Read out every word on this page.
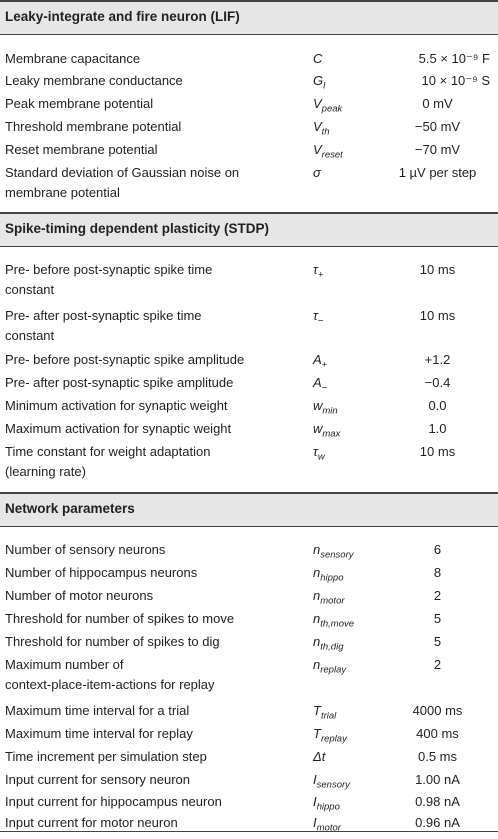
Leaky-integrate and fire neuron (LIF)
Membrane capacitance	C	5.5 × 10⁻⁹ F
Leaky membrane conductance	$G_l$	10 × 10⁻⁹ S
Peak membrane potential	$V_{peak}$	0 mV
Threshold membrane potential	$V_{th}$	−50 mV
Reset membrane potential	$V_{reset}$	−70 mV
Standard deviation of Gaussian noise on
membrane potential
σ	1 µV per step
Spike-timing dependent plasticity (STDP)
Pre- before post-synaptic spike time
constant
$\tau_+$	10 ms
Pre- after post-synaptic spike time
constant
$\tau_-$	10 ms
Pre- before post-synaptic spike amplitude	$A_+$	+1.2
Pre- after post-synaptic spike amplitude	$A_-$	−0.4
Minimum activation for synaptic weight	$w_{min}$	0.0
Maximum activation for synaptic weight	$w_{max}$	1.0
Time constant for weight adaptation
(learning rate)
$\tau_w$	10 ms
Network parameters
Number of sensory neurons	$n_{sensory}$	6
Number of hippocampus neurons	$n_{hippo}$	8
Number of motor neurons	$n_{motor}$	2
Threshold for number of spikes to move	$n_{th,move}$	5
Threshold for number of spikes to dig	$n_{th,dig}$	5
Maximum number of
context-place-item-actions for replay
$n_{replay}$	2
Maximum time interval for a trial	$T_{trial}$	4000 ms
Maximum time interval for replay	$T_{replay}$	400 ms
Time increment per simulation step	Δt	0.5 ms
Input current for sensory neuron	$I_{sensory}$	1.00 nA
Input current for hippocampus neuron	$I_{hippo}$	0.98 nA
Input current for motor neuron	$I_{motor}$	0.96 nA
